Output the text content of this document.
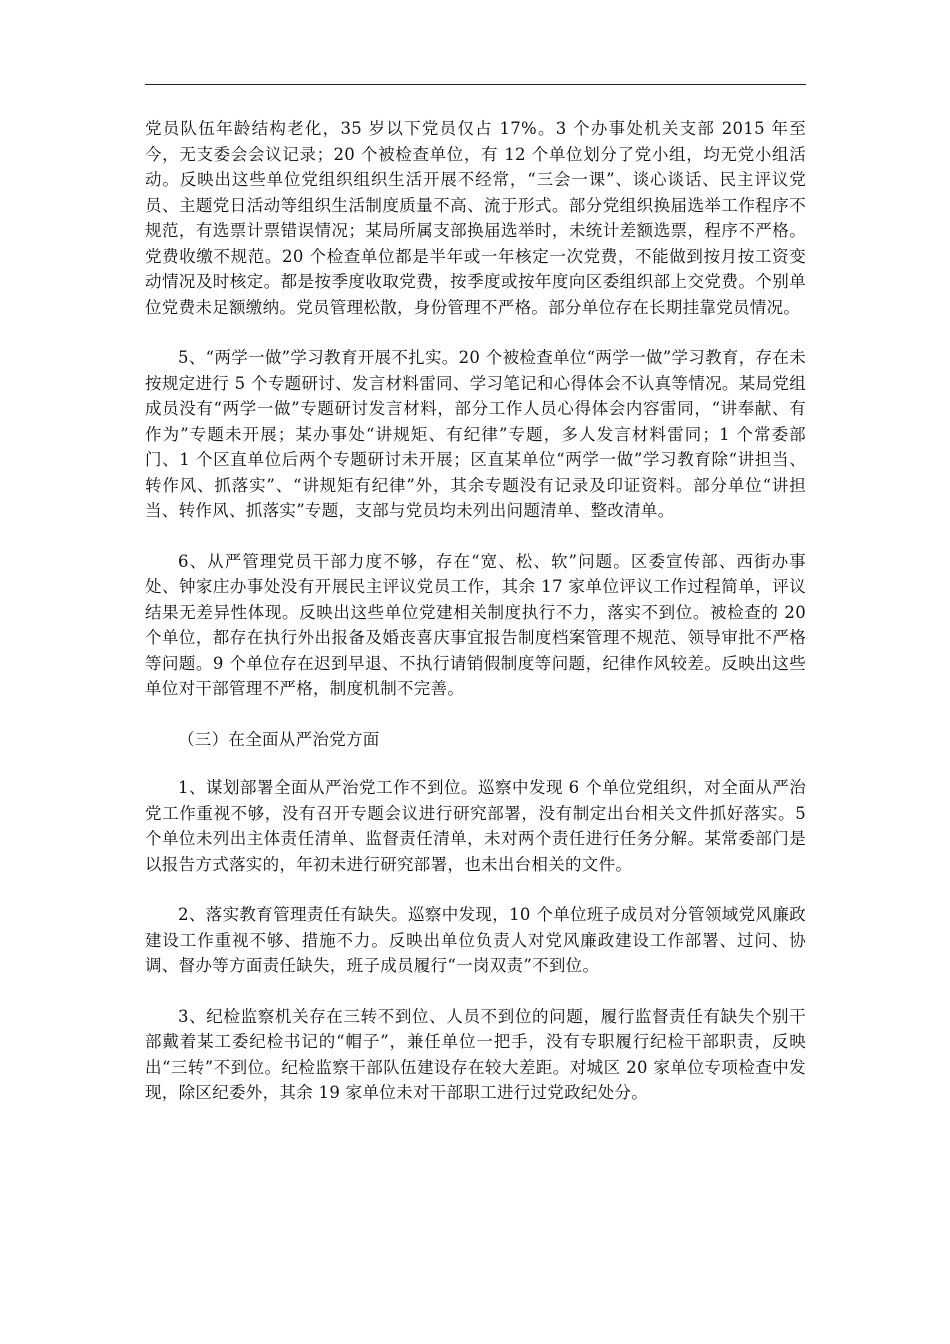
党员队伍年龄结构老化，35 岁以下党员仅占 17%。3 个办事处机关支部 2015 年至今，无支委会会议记录；20 个被检查单位，有 12 个单位划分了党小组，均无党小组活动。反映出这些单位党组织组织生活开展不经常，“三会一课”、谈心谈话、民主评议党员、主题党日活动等组织生活制度质量不高、流于形式。部分党组织换届选举工作程序不规范，有选票计票错误情况；某局所属支部换届选举时，未统计差额选票，程序不严格。党费收缴不规范。20 个检查单位都是半年或一年核定一次党费，不能做到按月按工资变动情况及时核定。都是按季度收取党费，按季度或按年度向区委组织部上交党费。个别单位党费未足额缴纳。党员管理松散，身份管理不严格。部分单位存在长期挂靠党员情况。

5、“两学一做”学习教育开展不扎实。20 个被检查单位“两学一做”学习教育，存在未按规定进行 5 个专题研讨、发言材料雷同、学习笔记和心得体会不认真等情况。某局党组成员没有“两学一做”专题研讨发言材料，部分工作人员心得体会内容雷同，“讲奉献、有作为”专题未开展；某办事处“讲规矩、有纪律”专题，多人发言材料雷同；1 个常委部门、1 个区直单位后两个专题研讨未开展；区直某单位“两学一做”学习教育除“讲担当、转作风、抓落实”、“讲规矩有纪律”外，其余专题没有记录及印证资料。部分单位“讲担当、转作风、抓落实”专题，支部与党员均未列出问题清单、整改清单。

6、从严管理党员干部力度不够，存在“宽、松、软”问题。区委宣传部、西街办事处、钟家庄办事处没有开展民主评议党员工作，其余 17 家单位评议工作过程简单，评议结果无差异性体现。反映出这些单位党建相关制度执行不力，落实不到位。被检查的 20 个单位，都存在执行外出报备及婚丧喜庆事宜报告制度档案管理不规范、领导审批不严格等问题。9 个单位存在迟到早退、不执行请销假制度等问题，纪律作风较差。反映出这些单位对干部管理不严格，制度机制不完善。

（三）在全面从严治党方面

1、谋划部署全面从严治党工作不到位。巡察中发现 6 个单位党组织，对全面从严治党工作重视不够，没有召开专题会议进行研究部署，没有制定出台相关文件抓好落实。5 个单位未列出主体责任清单、监督责任清单，未对两个责任进行任务分解。某常委部门是以报告方式落实的，年初未进行研究部署，也未出台相关的文件。

2、落实教育管理责任有缺失。巡察中发现，10 个单位班子成员对分管领域党风廉政建设工作重视不够、措施不力。反映出单位负责人对党风廉政建设工作部署、过问、协调、督办等方面责任缺失，班子成员履行“一岗双责”不到位。

3、纪检监察机关存在三转不到位、人员不到位的问题，履行监督责任有缺失个别干部戴着某工委纪检书记的“帽子”，兼任单位一把手，没有专职履行纪检干部职责，反映出“三转”不到位。纪检监察干部队伍建设存在较大差距。对城区 20 家单位专项检查中发现，除区纪委外，其余 19 家单位未对干部职工进行过党政纪处分。
